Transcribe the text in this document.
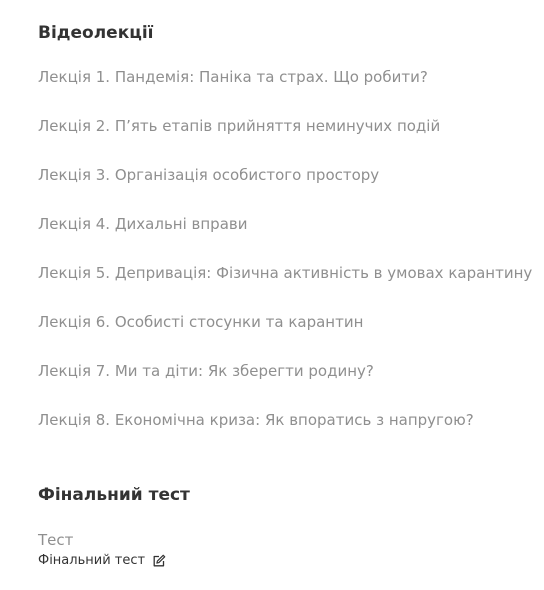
Відеолекції
Лекція 1. Пандемія: Паніка та страх. Що робити?
Лекція 2. П’ять етапів прийняття неминучих подій
Лекція 3. Організація особистого простору
Лекція 4. Дихальні вправи
Лекція 5. Депривація: Фізична активність в умовах карантину
Лекція 6. Особисті стосунки та карантин
Лекція 7. Ми та діти: Як зберегти родину?
Лекція 8. Економічна криза: Як впоратись з напругою?
Фінальний тест
Тест
Фінальний тест
